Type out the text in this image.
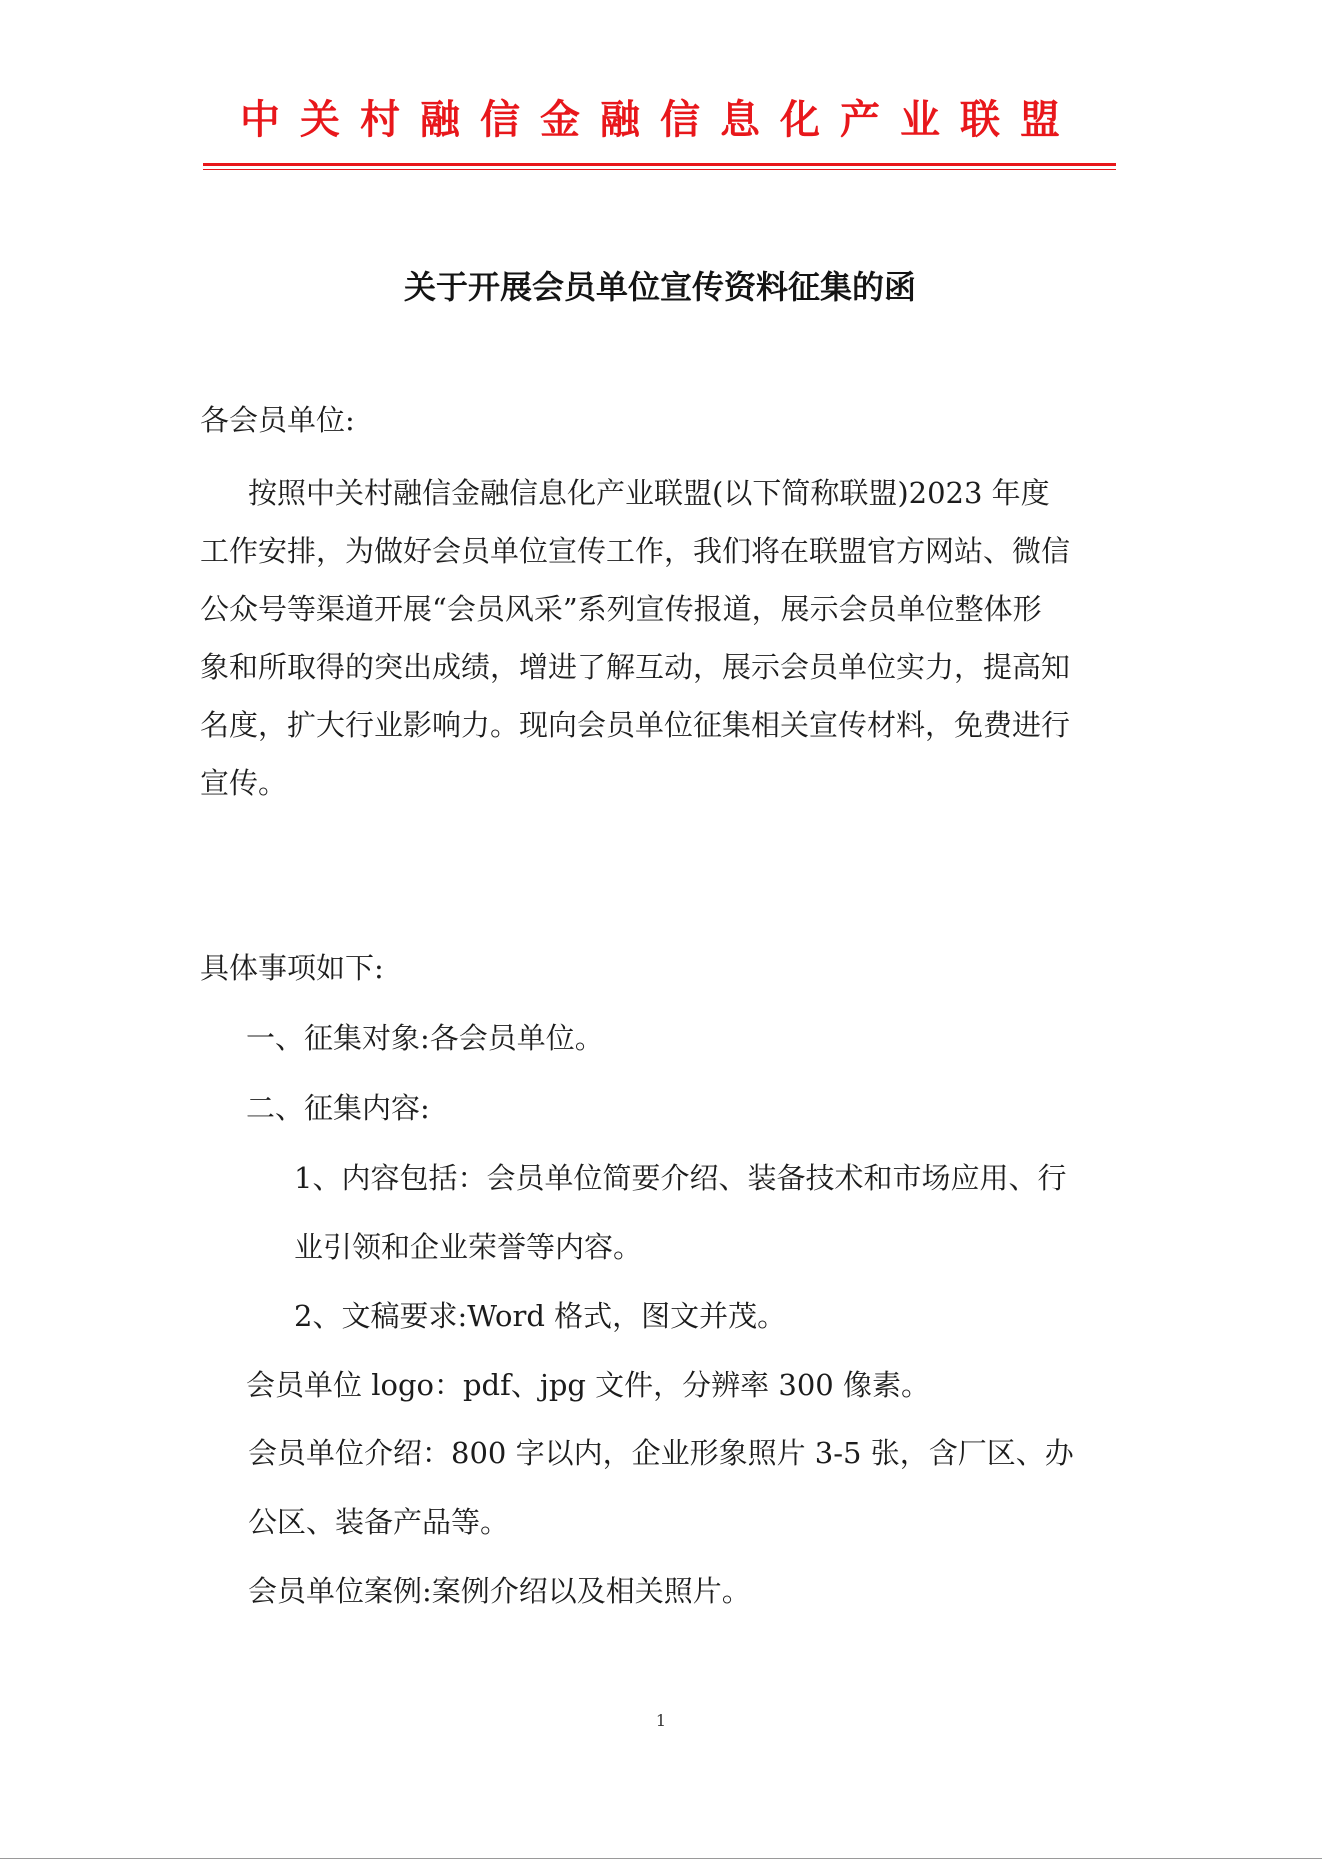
中关村融信金融信息化产业联盟
关于开展会员单位宣传资料征集的函
各会员单位:
按照中关村融信金融信息化产业联盟(以下简称联盟)2023 年度
工作安排，为做好会员单位宣传工作，我们将在联盟官方网站、微信
公众号等渠道开展“会员风采”系列宣传报道，展示会员单位整体形
象和所取得的突出成绩，增进了解互动，展示会员单位实力，提高知
名度，扩大行业影响力。现向会员单位征集相关宣传材料，免费进行
宣传。
具体事项如下:
一、征集对象:各会员单位。
二、征集内容:
1、内容包括：会员单位简要介绍、装备技术和市场应用、行
业引领和企业荣誉等内容。
2、文稿要求:Word 格式，图文并茂。
会员单位 logo：pdf、jpg 文件，分辨率 300 像素。
会员单位介绍：800 字以内，企业形象照片 3-5 张，含厂区、办
公区、装备产品等。
会员单位案例:案例介绍以及相关照片。
1
